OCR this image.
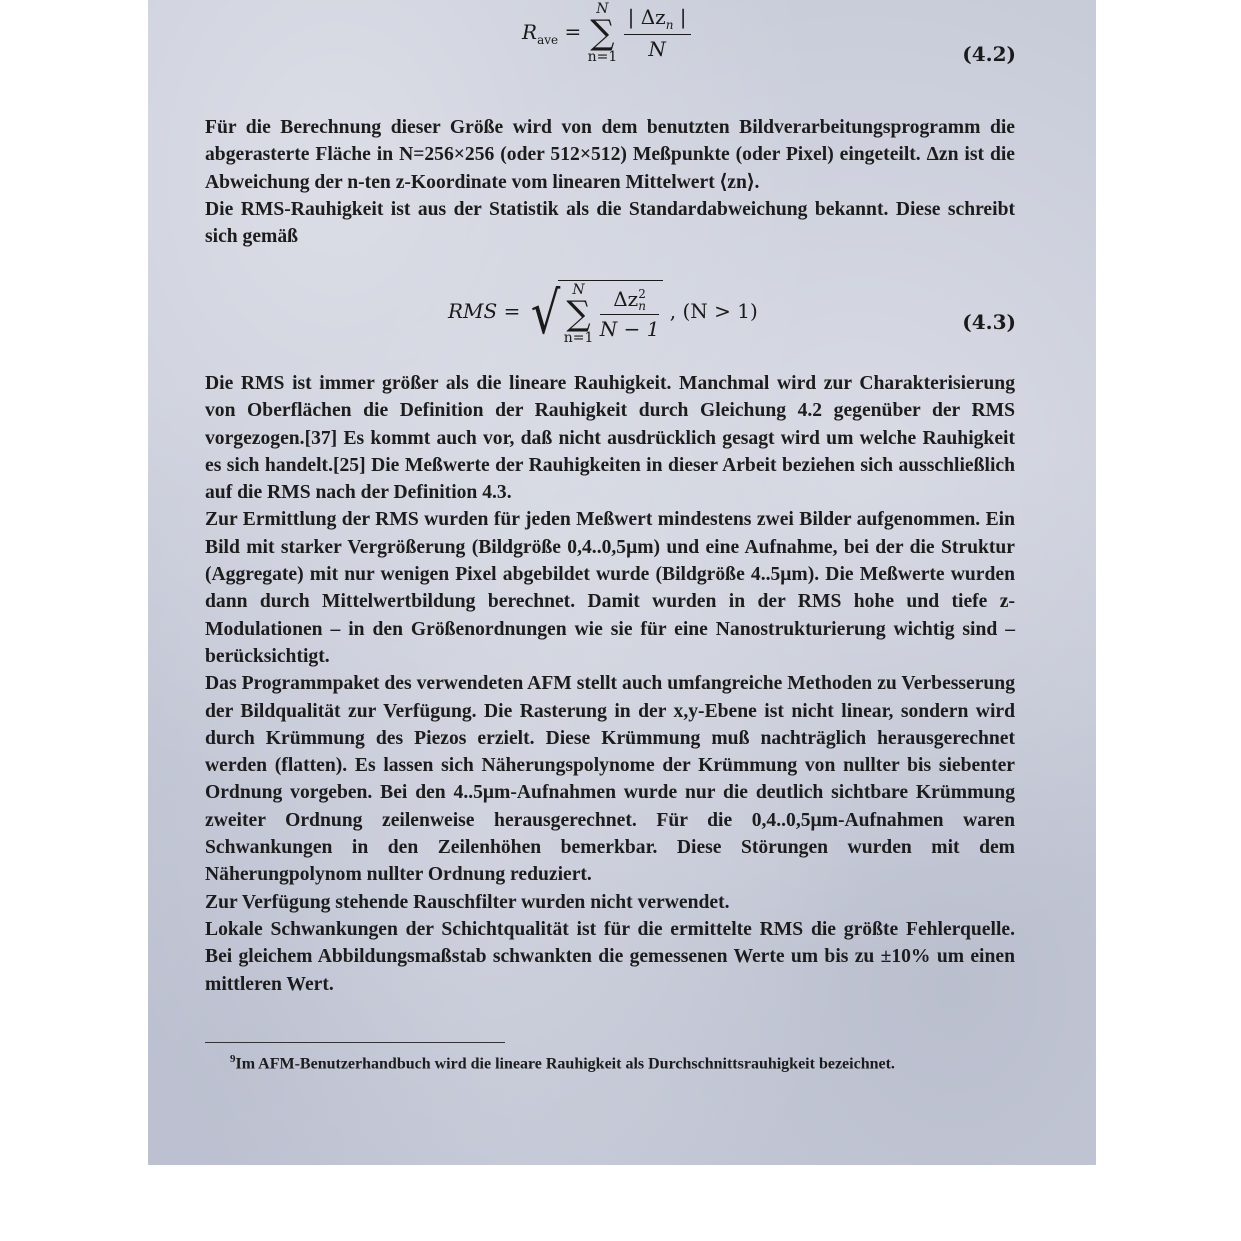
$R_{ave} = N$
∑
$n=1 \frac{| \Delta z_n |}{N}$	(4.2)

Für die Berechnung dieser Größe wird von dem benutzten Bildverarbeitungsprogramm die abgerasterte Fläche in N=256×256 (oder 512×512) Meßpunkte (oder Pixel) eingeteilt. Δzn ist die Abweichung der n-ten z-Koordinate vom linearen Mittelwert ⟨zn⟩.

Die RMS-Rauhigkeit ist aus der Statistik als die Standardabweichung bekannt. Diese schreibt sich gemäß

RMS = √ N
∑
n=1 Δz 2
n
N − 1 , (N > 1)	(4.3)

Die RMS ist immer größer als die lineare Rauhigkeit. Manchmal wird zur Charakterisierung von Oberflächen die Definition der Rauhigkeit durch Gleichung 4.2 gegenüber der RMS vorgezogen.[37] Es kommt auch vor, daß nicht ausdrücklich gesagt wird um welche Rauhigkeit es sich handelt.[25] Die Meßwerte der Rauhigkeiten in dieser Arbeit beziehen sich ausschließlich auf die RMS nach der Definition 4.3.

Zur Ermittlung der RMS wurden für jeden Meßwert mindestens zwei Bilder aufgenommen. Ein Bild mit starker Vergrößerung (Bildgröße 0,4..0,5μm) und eine Aufnahme, bei der die Struktur (Aggregate) mit nur wenigen Pixel abgebildet wurde (Bildgröße 4..5μm). Die Meßwerte wurden dann durch Mittelwertbildung berechnet. Damit wurden in der RMS hohe und tiefe z-Modulationen – in den Größenordnungen wie sie für eine Nanostrukturierung wichtig sind – berücksichtigt.

Das Programmpaket des verwendeten AFM stellt auch umfangreiche Methoden zu Verbesserung der Bildqualität zur Verfügung. Die Rasterung in der x,y-Ebene ist nicht linear, sondern wird durch Krümmung des Piezos erzielt. Diese Krümmung muß nachträglich herausgerechnet werden (flatten). Es lassen sich Näherungspolynome der Krümmung von nullter bis siebenter Ordnung vorgeben. Bei den 4..5μm-Aufnahmen wurde nur die deutlich sichtbare Krümmung zweiter Ordnung zeilenweise herausgerechnet. Für die 0,4..0,5μm-Aufnahmen waren Schwankungen in den Zeilenhöhen bemerkbar. Diese Störungen wurden mit dem Näherungpolynom nullter Ordnung reduziert.

Zur Verfügung stehende Rauschfilter wurden nicht verwendet.

Lokale Schwankungen der Schichtqualität ist für die ermittelte RMS die größte Fehlerquelle. Bei gleichem Abbildungsmaßstab schwankten die gemessenen Werte um bis zu ±10% um einen mittleren Wert.

$^9$Im AFM-Benutzerhandbuch wird die lineare Rauhigkeit als Durchschnittsrauhigkeit bezeichnet.
